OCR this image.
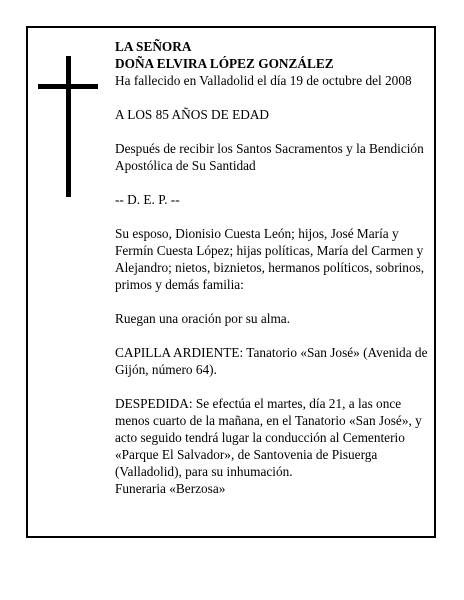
LA SEÑORA

DOÑA ELVIRA LÓPEZ GONZÁLEZ

Ha fallecido en Valladolid el día 19 de octubre del 2008

A LOS 85 AÑOS DE EDAD

Después de recibir los Santos Sacramentos y la Bendición Apostólica de Su Santidad

-- D. E. P. --

Su esposo, Dionisio Cuesta León; hijos, José María y Fermín Cuesta López; hijas políticas, María del Carmen y Alejandro; nietos, biznietos, hermanos políticos, sobrinos, primos y demás familia:

Ruegan una oración por su alma.

CAPILLA ARDIENTE: Tanatorio «San José» (Avenida de Gijón, número 64).

DESPEDIDA: Se efectúa el martes, día 21, a las once menos cuarto de la mañana, en el Tanatorio «San José», y acto seguido tendrá lugar la conducción al Cementerio «Parque El Salvador», de Santovenia de Pisuerga (Valladolid), para su inhumación.

Funeraria «Berzosa»
